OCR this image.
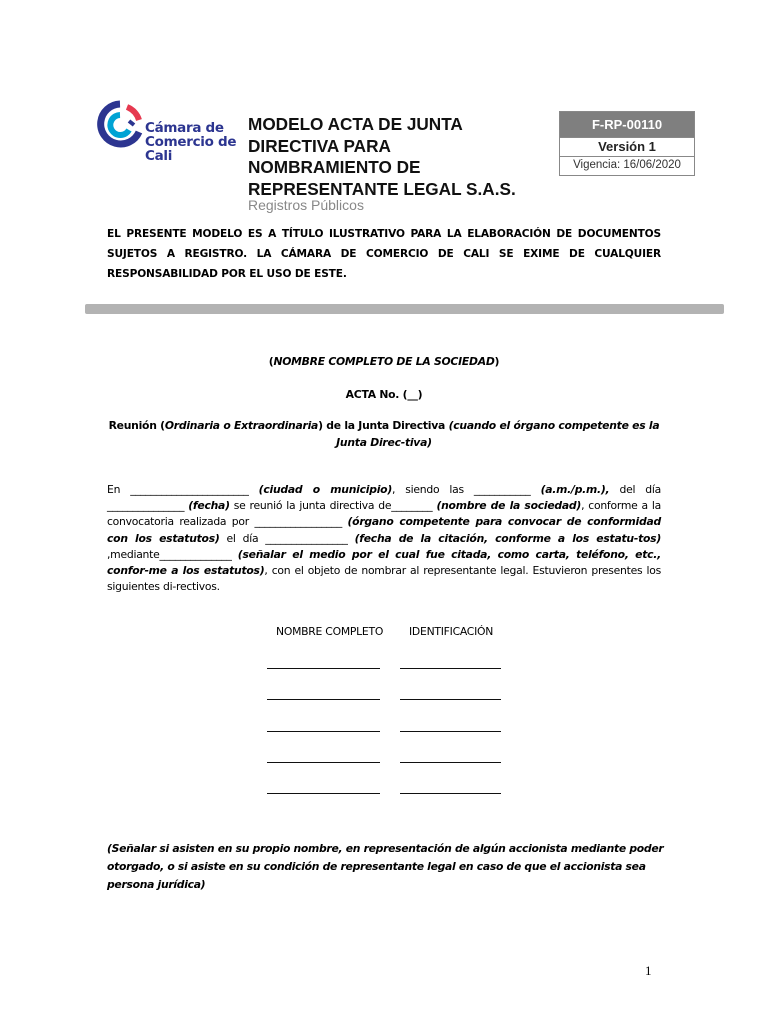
Cámara de
Comercio de
Cali
MODELO ACTA DE JUNTA
DIRECTIVA PARA
NOMBRAMIENTO DE
REPRESENTANTE LEGAL S.A.S.
Registros Públicos
F-RP-00110
Versión 1
Vigencia: 16/06/2020
EL PRESENTE MODELO ES A TÍTULO ILUSTRATIVO PARA LA ELABORACIÓN DE DOCUMENTOS SUJETOS A REGISTRO. LA CÁMARA DE COMERCIO DE CALI SE EXIME DE CUALQUIER RESPONSABILIDAD POR EL USO DE ESTE.
(NOMBRE COMPLETO DE LA SOCIEDAD)
ACTA No. (__)
Reunión (Ordinaria o Extraordinaria) de la Junta Directiva (cuando el órgano competente es la Junta Direc-tiva)
En _______________________ (ciudad o municipio), siendo las ___________ (a.m./p.m.), del día _______________ (fecha) se reunió la junta directiva de________ (nombre de la sociedad), conforme a la convocatoria realizada por _________________ (órgano competente para convocar de conformidad con los estatutos) el día ________________ (fecha de la citación, conforme a los estatu-tos) ,mediante______________ (señalar el medio por el cual fue citada, como carta, teléfono, etc., confor-me a los estatutos), con el objeto de nombrar al representante legal. Estuvieron presentes los siguientes di-rectivos.
NOMBRE COMPLETO IDENTIFICACIÓN
(Señalar si asisten en su propio nombre, en representación de algún accionista mediante poder otorgado, o si asiste en su condición de representante legal en caso de que el accionista sea persona jurídica)
1
